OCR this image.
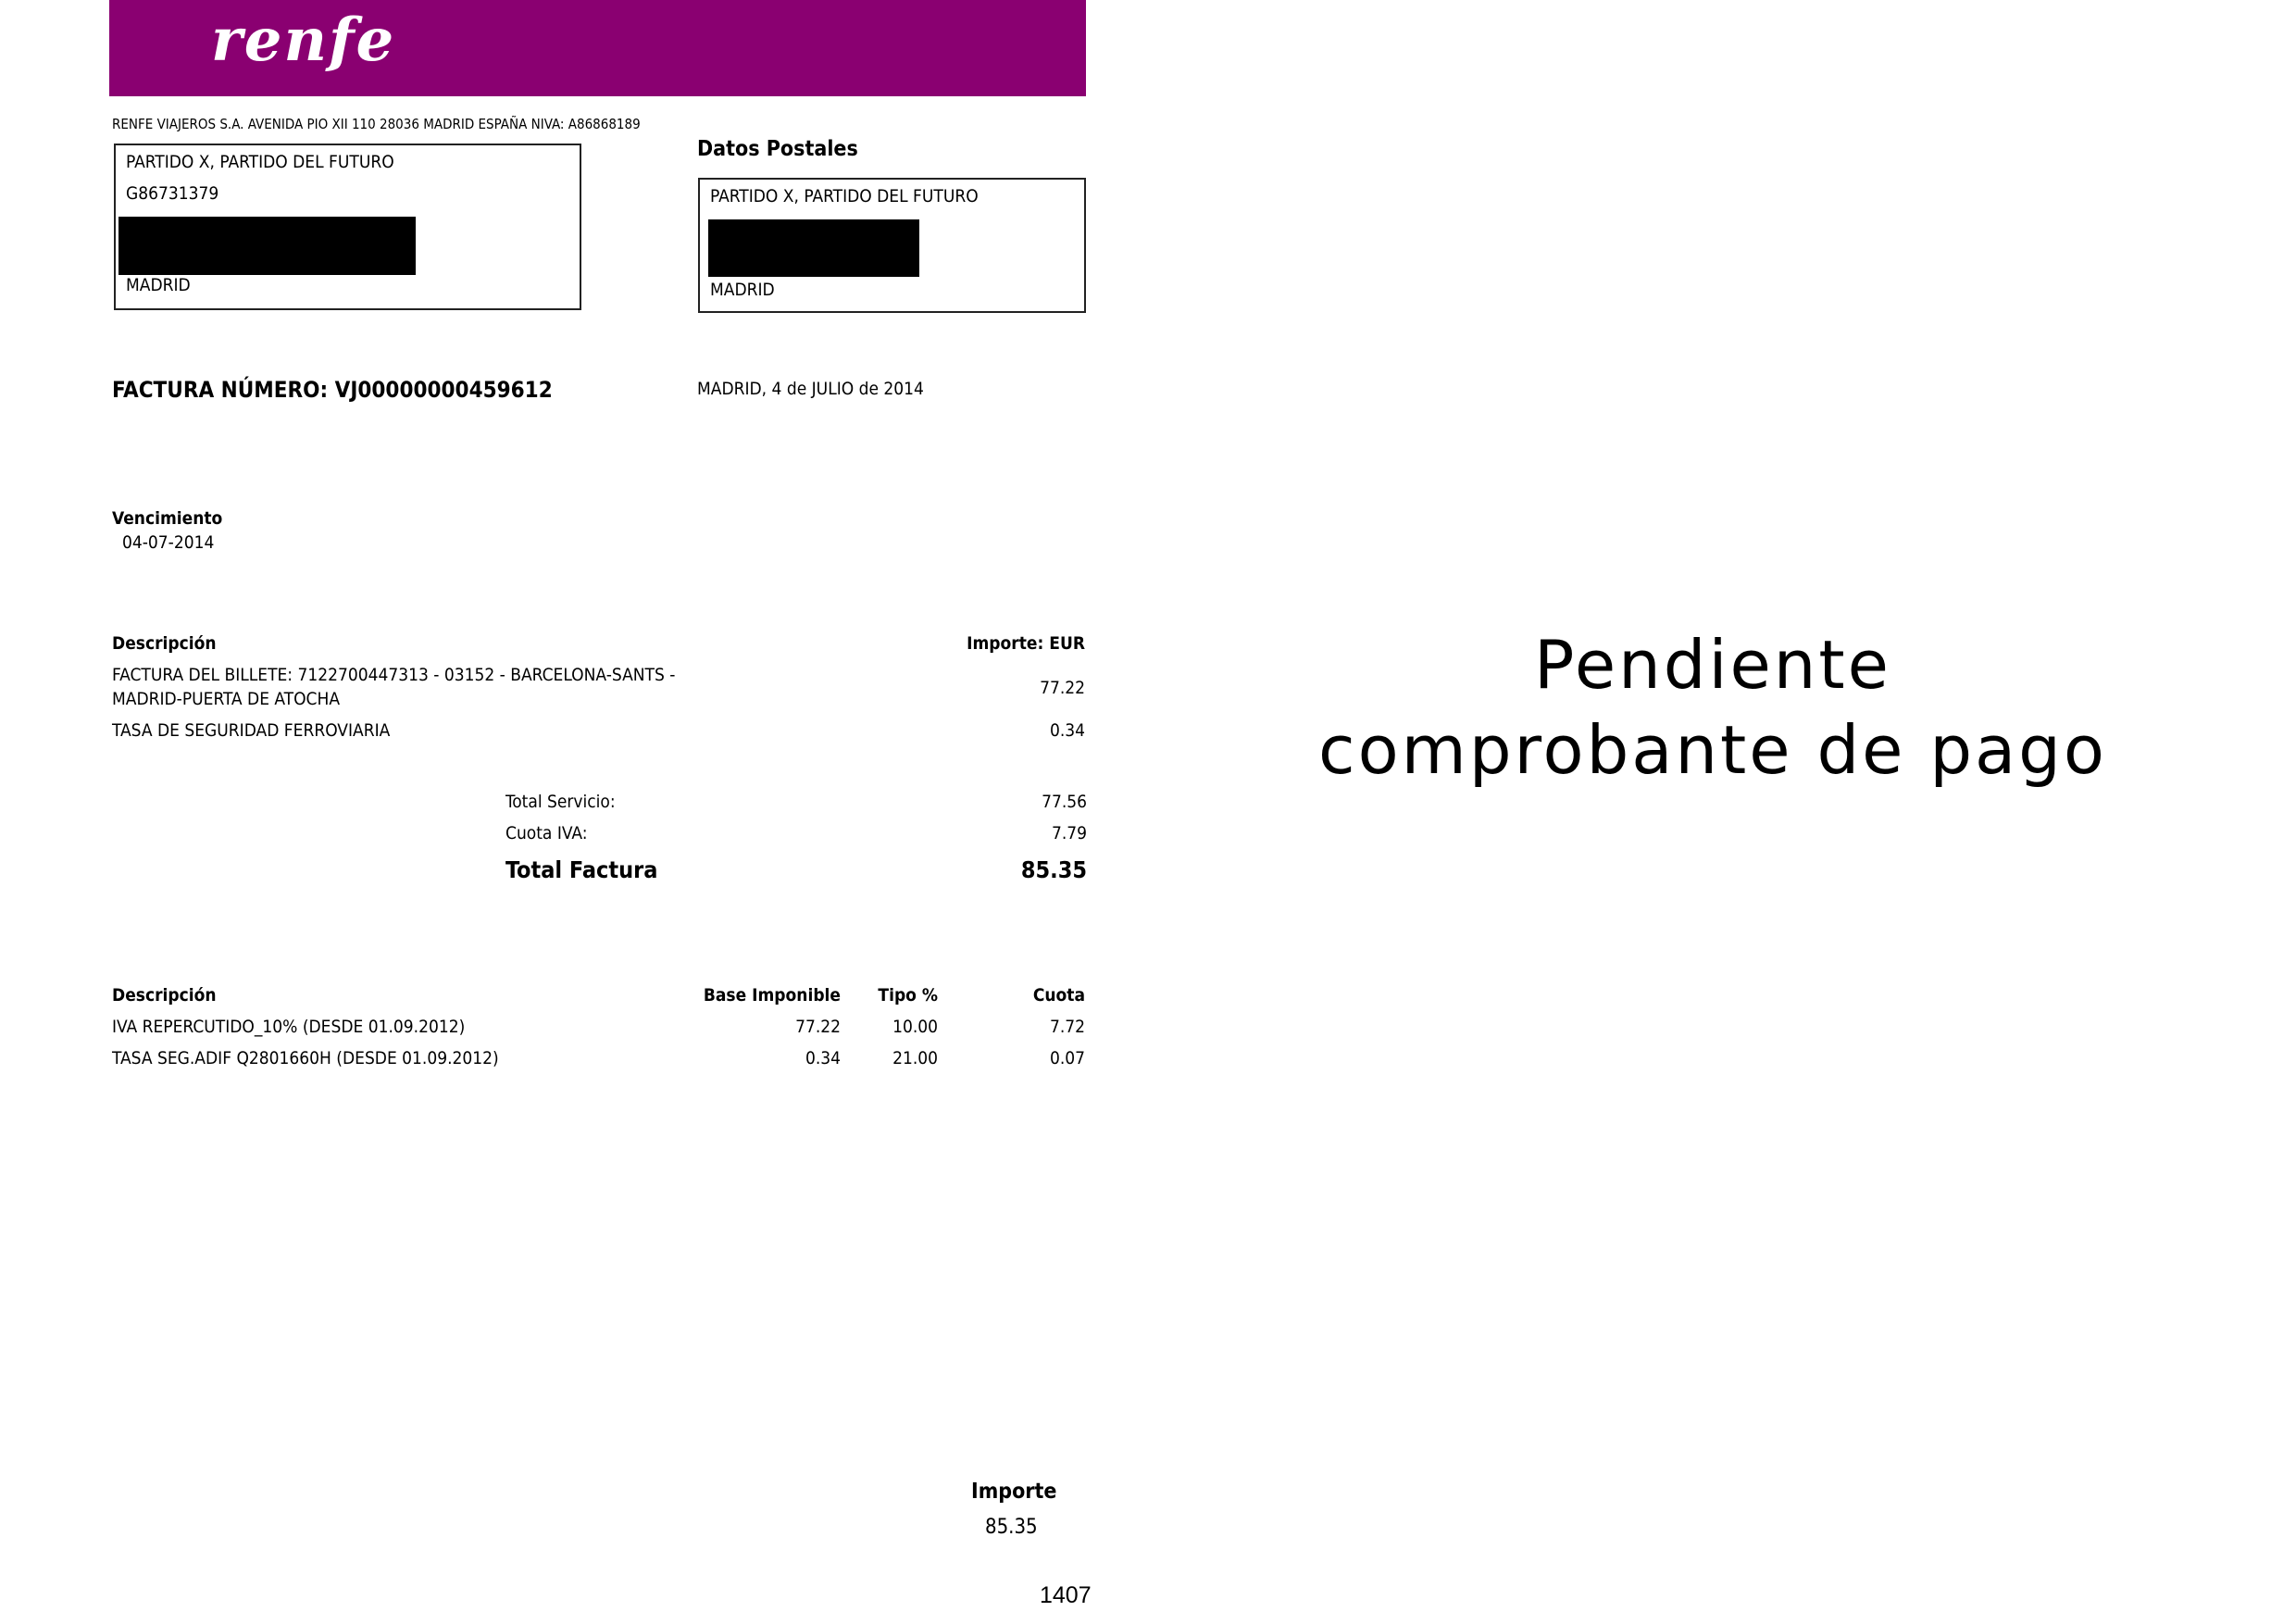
renfe
RENFE VIAJEROS S.A. AVENIDA PIO XII 110 28036 MADRID ESPAÑA NIVA: A86868189
PARTIDO X, PARTIDO DEL FUTURO
G86731379
MADRID
Datos Postales
PARTIDO X, PARTIDO DEL FUTURO
MADRID
FACTURA NÚMERO: VJ00000000459612	MADRID, 4 de JULIO de 2014
Vencimiento
04-07-2014
Descripción	Importe: EUR
FACTURA DEL BILLETE: 7122700447313 - 03152 - BARCELONA-SANTS -
MADRID-PUERTA DE ATOCHA
77.22
TASA DE SEGURIDAD FERROVIARIA	0.34
Total Servicio:	77.56
Cuota IVA:	7.79
Total Factura	85.35
Descripción	Base Imponible	Tipo %	Cuota
IVA REPERCUTIDO_10% (DESDE 01.09.2012)	77.22	10.00	7.72
TASA SEG.ADIF Q2801660H (DESDE 01.09.2012)	0.34	21.00	0.07
Importe
85.35
1407
Pendiente
comprobante de pago
